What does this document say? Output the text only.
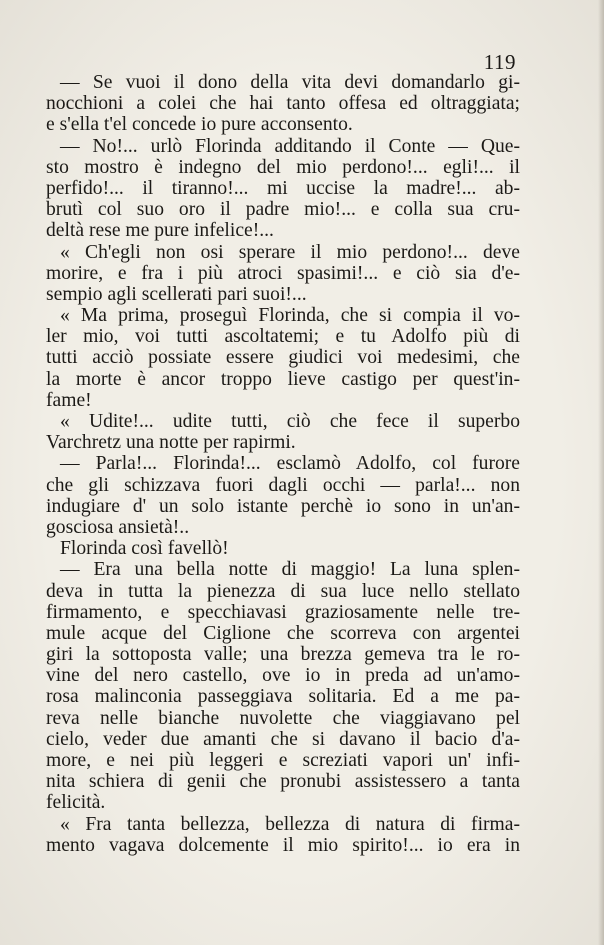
119
— Se vuoi il dono della vita devi domandarlo gi-
nocchioni a colei che hai tanto offesa ed oltraggiata;
e s'ella t'el concede io pure acconsento.
— No!... urlò Florinda additando il Conte — Que-
sto mostro è indegno del mio perdono!... egli!... il
perfido!... il tiranno!... mi uccise la madre!... ab-
brutì col suo oro il padre mio!... e colla sua cru-
deltà rese me pure infelice!...
« Ch'egli non osi sperare il mio perdono!... deve
morire, e fra i più atroci spasimi!... e ciò sia d'e-
sempio agli scellerati pari suoi!...
« Ma prima, proseguì Florinda, che si compia il vo-
ler mio, voi tutti ascoltatemi; e tu Adolfo più di
tutti acciò possiate essere giudici voi medesimi, che
la morte è ancor troppo lieve castigo per quest'in-
fame!
« Udite!... udite tutti, ciò che fece il superbo
Varchretz una notte per rapirmi.
— Parla!... Florinda!... esclamò Adolfo, col furore
che gli schizzava fuori dagli occhi — parla!... non
indugiare d' un solo istante perchè io sono in un'an-
gosciosa ansietà!..
Florinda così favellò!
— Era una bella notte di maggio! La luna splen-
deva in tutta la pienezza di sua luce nello stellato
firmamento, e specchiavasi graziosamente nelle tre-
mule acque del Ciglione che scorreva con argentei
giri la sottoposta valle; una brezza gemeva tra le ro-
vine del nero castello, ove io in preda ad un'amo-
rosa malinconia passeggiava solitaria. Ed a me pa-
reva nelle bianche nuvolette che viaggiavano pel
cielo, veder due amanti che si davano il bacio d'a-
more, e nei più leggeri e screziati vapori un' infi-
nita schiera di genii che pronubi assistessero a tanta
felicità.
« Fra tanta bellezza, bellezza di natura di firma-
mento vagava dolcemente il mio spirito!... io era in
